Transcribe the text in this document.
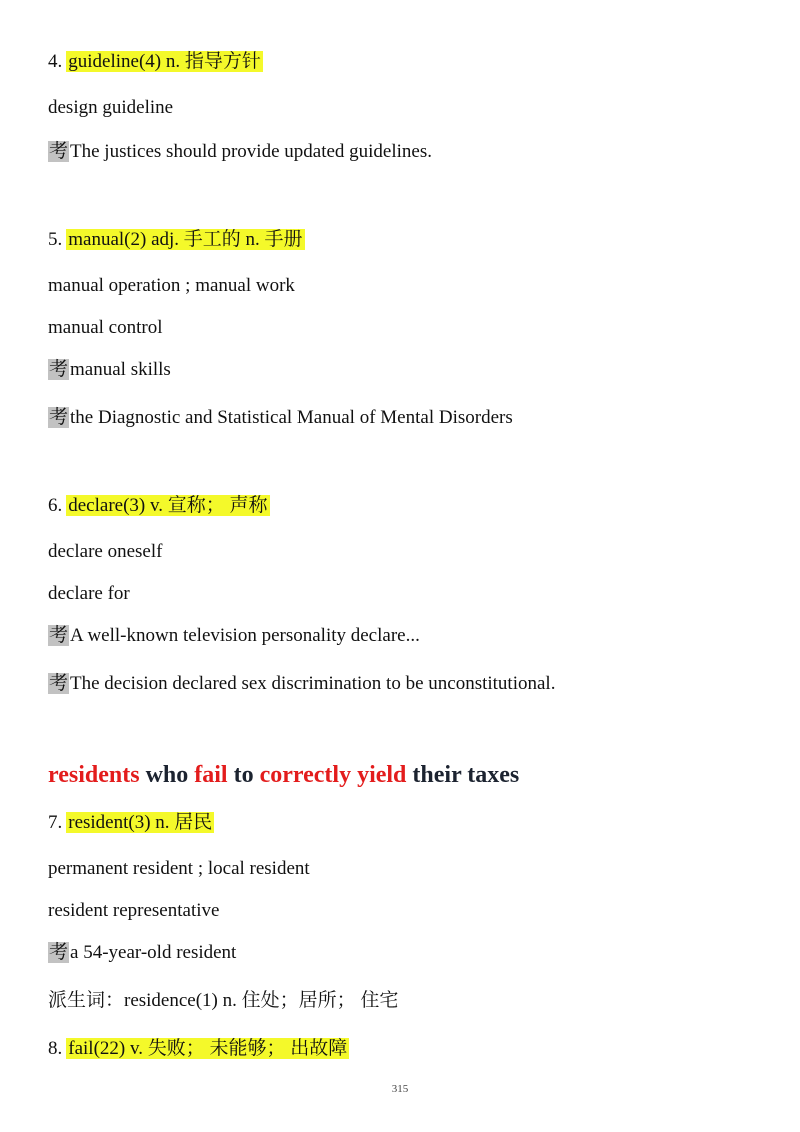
4. guideline(4) n. 指导方针
design guideline
考 The justices should provide updated guidelines.
5. manual(2) adj. 手工的 n. 手册
manual operation ; manual work
manual control
考 manual skills
考 the Diagnostic and Statistical Manual of Mental Disorders
6. declare(3) v. 宣称； 声称
declare oneself
declare for
考 A well-known television personality declare...
考 The decision declared sex discrimination to be unconstitutional.
residents who fail to correctly yield their taxes
7. resident(3) n. 居民
permanent resident ; local resident
resident representative
考 a 54-year-old resident
派生词：residence(1) n. 住处；居所； 住宅
8. fail(22) v. 失败； 未能够； 出故障
315
